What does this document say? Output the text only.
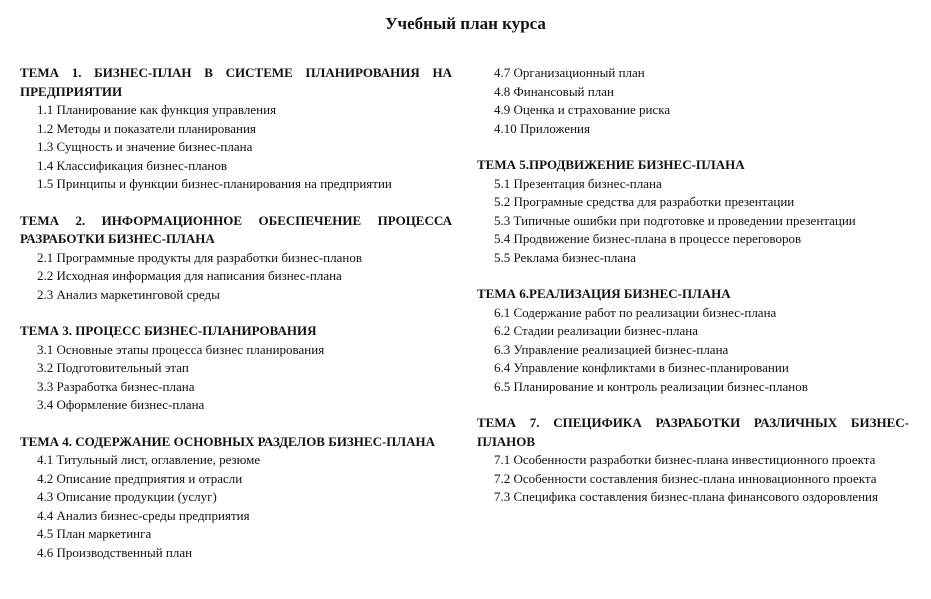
Учебный план курса
ТЕМА 1. БИЗНЕС-ПЛАН В СИСТЕМЕ ПЛАНИРОВАНИЯ НА ПРЕДПРИЯТИИ
1.1 Планирование как функция управления
1.2 Методы и показатели планирования
1.3 Сущность и значение бизнес-плана
1.4 Классификация бизнес-планов
1.5 Принципы и функции бизнес-планирования на предприятии
ТЕМА 2. ИНФОРМАЦИОННОЕ ОБЕСПЕЧЕНИЕ ПРОЦЕССА РАЗРАБОТКИ БИЗНЕС-ПЛАНА
2.1 Программные продукты для разработки бизнес-планов
2.2 Исходная информация для написания бизнес-плана
2.3 Анализ маркетинговой среды
ТЕМА 3. ПРОЦЕСС БИЗНЕС-ПЛАНИРОВАНИЯ
3.1 Основные этапы процесса бизнес планирования
3.2 Подготовительный этап
3.3 Разработка бизнес-плана
3.4 Оформление бизнес-плана
ТЕМА 4. СОДЕРЖАНИЕ ОСНОВНЫХ РАЗДЕЛОВ БИЗНЕС-ПЛАНА
4.1 Титульный лист, оглавление, резюме
4.2 Описание предприятия и отрасли
4.3 Описание продукции (услуг)
4.4 Анализ бизнес-среды предприятия
4.5 План маркетинга
4.6 Производственный план
4.7 Организационный план
4.8 Финансовый план
4.9 Оценка и страхование риска
4.10 Приложения
ТЕМА 5.ПРОДВИЖЕНИЕ БИЗНЕС-ПЛАНА
5.1 Презентация бизнес-плана
5.2 Програмные средства для разработки презентации
5.3 Типичные ошибки при подготовке и проведении презентации
5.4 Продвижение бизнес-плана в процессе переговоров
5.5 Реклама бизнес-плана
ТЕМА 6.РЕАЛИЗАЦИЯ БИЗНЕС-ПЛАНА
6.1 Содержание работ по реализации бизнес-плана
6.2 Стадии реализации бизнес-плана
6.3 Управление реализацией бизнес-плана
6.4 Управление конфликтами в бизнес-планировании
6.5 Планирование и контроль реализации бизнес-планов
ТЕМА 7. СПЕЦИФИКА РАЗРАБОТКИ РАЗЛИЧНЫХ БИЗНЕС-ПЛАНОВ
7.1 Особенности разработки бизнес-плана инвестиционного проекта
7.2 Особенности составления бизнес-плана инновационного проекта
7.3 Специфика составления бизнес-плана финансового оздоровления
